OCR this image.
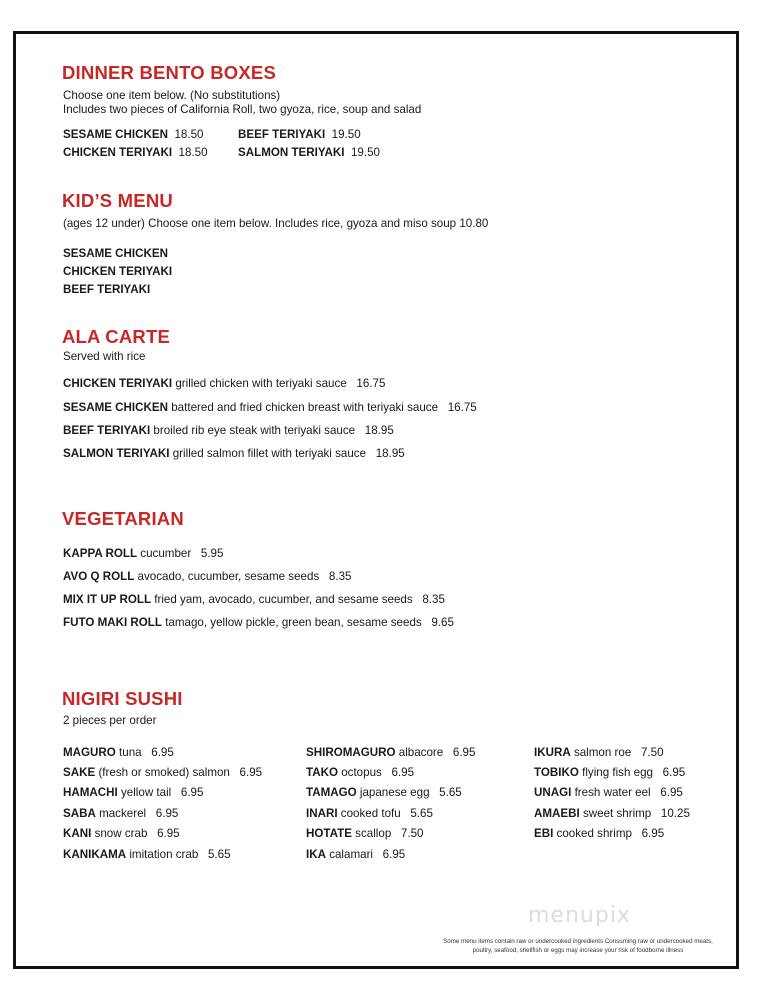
DINNER BENTO BOXES
Choose one item below. (No substitutions)
Includes two pieces of California Roll, two gyoza, rice, soup and salad
SESAME CHICKEN 18.50
CHICKEN TERIYAKI 18.50
BEEF TERIYAKI 19.50
SALMON TERIYAKI 19.50
KID’S MENU
(ages 12 under) Choose one item below. Includes rice, gyoza and miso soup 10.80
SESAME CHICKEN
CHICKEN TERIYAKI
BEEF TERIYAKI
ALA CARTE
Served with rice
CHICKEN TERIYAKI grilled chicken with teriyaki sauce   16.75
SESAME CHICKEN battered and fried chicken breast with teriyaki sauce   16.75
BEEF TERIYAKI broiled rib eye steak with teriyaki sauce   18.95
SALMON TERIYAKI grilled salmon fillet with teriyaki sauce   18.95
VEGETARIAN
KAPPA ROLL cucumber   5.95
AVO Q ROLL avocado, cucumber, sesame seeds   8.35
MIX IT UP ROLL fried yam, avocado, cucumber, and sesame seeds   8.35
FUTO MAKI ROLL tamago, yellow pickle, green bean, sesame seeds   9.65
NIGIRI SUSHI
2 pieces per order
MAGURO tuna   6.95
SAKE (fresh or smoked) salmon   6.95
HAMACHI yellow tail   6.95
SABA mackerel   6.95
KANI snow crab   6.95
KANIKAMA imitation crab   5.65
SHIROMAGURO albacore   6.95
TAKO octopus   6.95
TAMAGO japanese egg   5.65
INARI cooked tofu   5.65
HOTATE scallop   7.50
IKA calamari   6.95
IKURA salmon roe   7.50
TOBIKO flying fish egg   6.95
UNAGI fresh water eel   6.95
AMAEBI sweet shrimp   10.25
EBI cooked shrimp   6.95
menupix
Some menu items contain raw or undercooked ingredients Consuming raw or undercooked meats,
poultry, seafood, shellfish or eggs may increase your risk of foodborne illness
